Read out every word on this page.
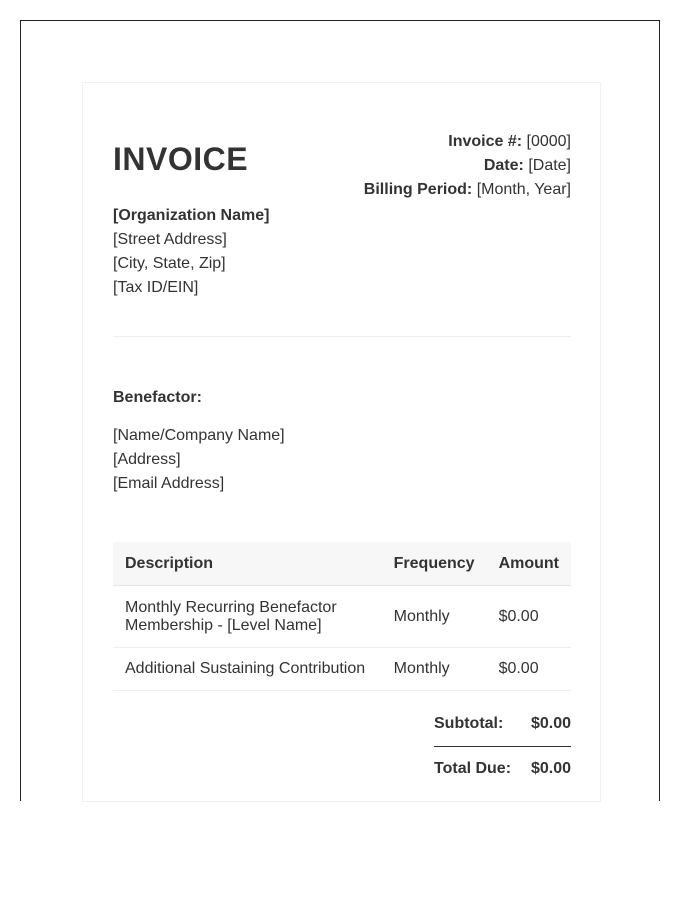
INVOICE	Invoice #: [0000]
Date: [Date]
Billing Period: [Month, Year]
[Organization Name]
[Street Address]
[City, State, Zip]
[Tax ID/EIN]
Benefactor:
[Name/Company Name]
[Address]
[Email Address]
Description	Frequency	Amount
Monthly Recurring Benefactor Membership - [Level Name]	Monthly	$0.00
Additional Sustaining Contribution	Monthly	$0.00
Subtotal: $0.00
Total Due: $0.00
